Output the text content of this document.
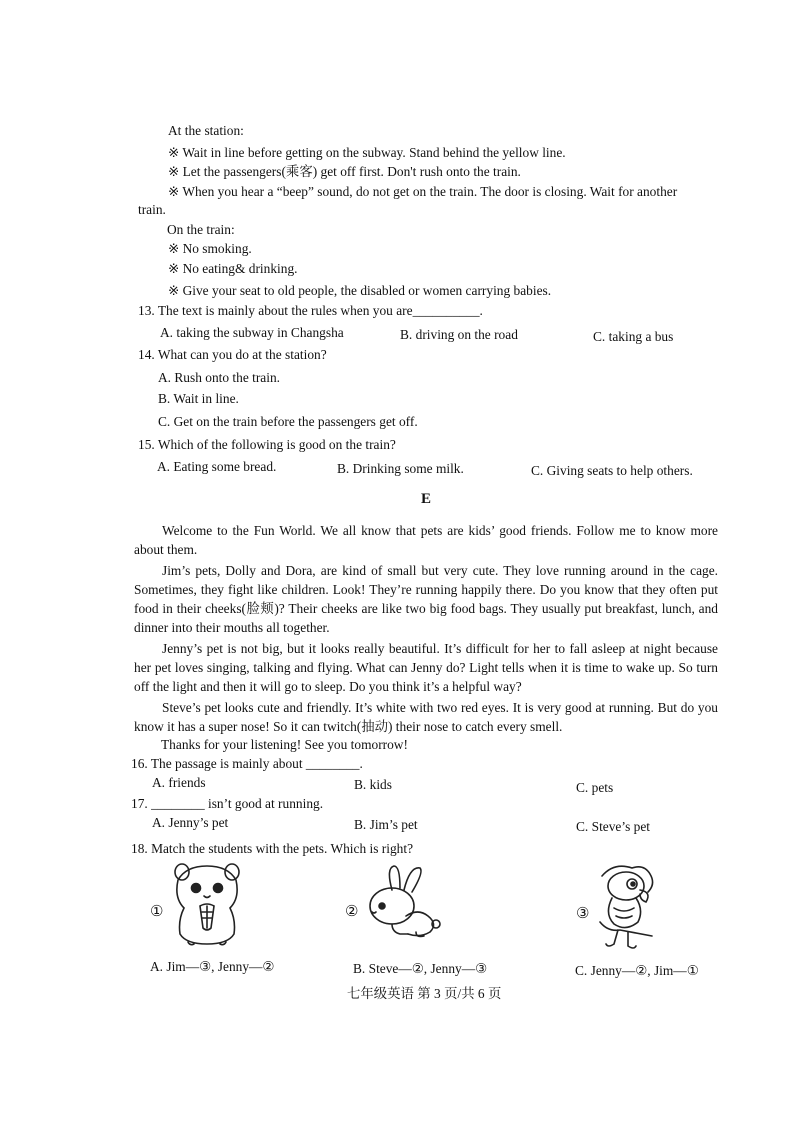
At the station:
※ Wait in line before getting on the subway. Stand behind the yellow line.
※ Let the passengers(乘客) get off first. Don't rush onto the train.
※ When you hear a “beep” sound, do not get on the train. The door is closing. Wait for another
train.
On the train:
※ No smoking.
※ No eating& drinking.
※ Give your seat to old people, the disabled or women carrying babies.
13. The text is mainly about the rules when you are__________.
A. taking the subway in Changsha	B. driving on the road	C. taking a bus
14. What can you do at the station?
A. Rush onto the train.
B. Wait in line.
C. Get on the train before the passengers get off.
15. Which of the following is good on the train?
A. Eating some bread.	B. Drinking some milk.	C. Giving seats to help others.
E
Welcome to the Fun World. We all know that pets are kids’ good friends. Follow me to know more about them.
Jim’s pets, Dolly and Dora, are kind of small but very cute. They love running around in the cage. Sometimes, they fight like children. Look! They’re running happily there. Do you know that they often put food in their cheeks(脸颊)? Their cheeks are like two big food bags. They usually put breakfast, lunch, and dinner into their mouths all together.
Jenny’s pet is not big, but it looks really beautiful. It’s difficult for her to fall asleep at night because her pet loves singing, talking and flying. What can Jenny do? Light tells when it is time to wake up. So turn off the light and then it will go to sleep. Do you think it’s a helpful way?
Steve’s pet looks cute and friendly. It’s white with two red eyes. It is very good at running. But do you know it has a super nose! So it can twitch(抽动) their nose to catch every smell.
Thanks for your listening! See you tomorrow!
16. The passage is mainly about ________.
A. friends	B. kids	C. pets
17. ________ isn’t good at running.
A. Jenny’s pet	B. Jim’s pet	C. Steve’s pet
18. Match the students with the pets. Which is right?
①	②	③
A. Jim—③, Jenny—②	B. Steve—②, Jenny—③	C. Jenny—②, Jim—①
七年级英语 第 3 页/共 6 页
